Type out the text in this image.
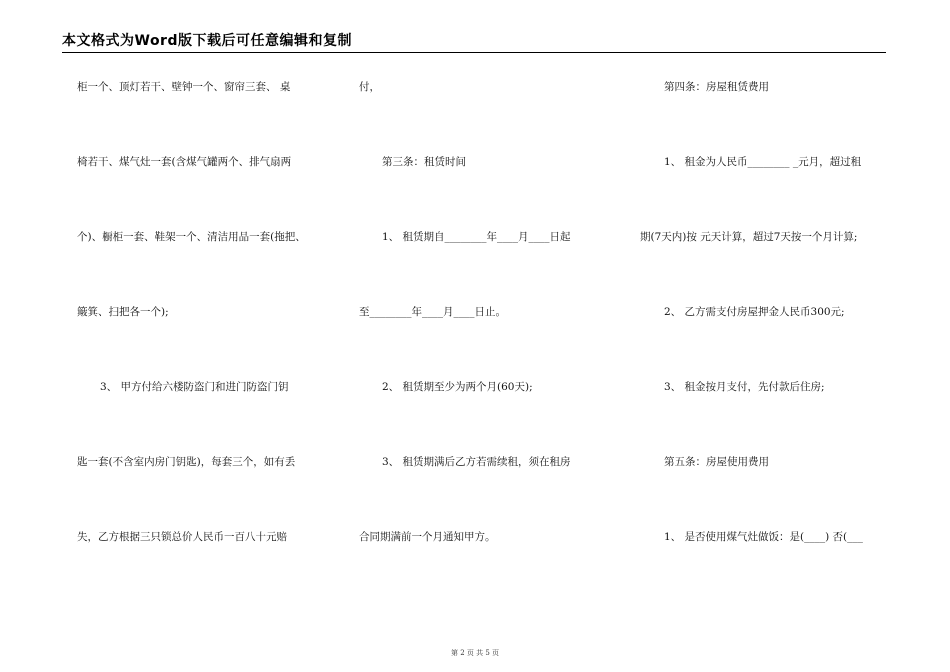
本文格式为Word版下载后可任意编辑和复制
柜一个、顶灯若干、壁钟一个、窗帘三套、 桌
椅若干、煤气灶一套(含煤气罐两个、排气扇两
个)、橱柜一套、鞋架一个、清洁用品一套(拖把、
簸箕、扫把各一个);
3、 甲方付给六楼防盗门和进门防盗门钥
匙一套(不含室内房门钥匙)，每套三个，如有丢
失，乙方根据三只锁总价人民币一百八十元赔
付，
第三条：租赁时间
1、 租赁期自________年____月____日起
至________年____月____日止。
2、 租赁期至少为两个月(60天);
3、 租赁期满后乙方若需续租，须在租房
合同期满前一个月通知甲方。
第四条：房屋租赁费用
1、 租金为人民币________ _元月，超过租
期(7天内)按 元天计算，超过7天按一个月计算;
2、 乙方需支付房屋押金人民币300元;
3、 租金按月支付，先付款后住房;
第五条：房屋使用费用
1、 是否使用煤气灶做饭：是(____) 否(___
第 2 页 共 5 页
